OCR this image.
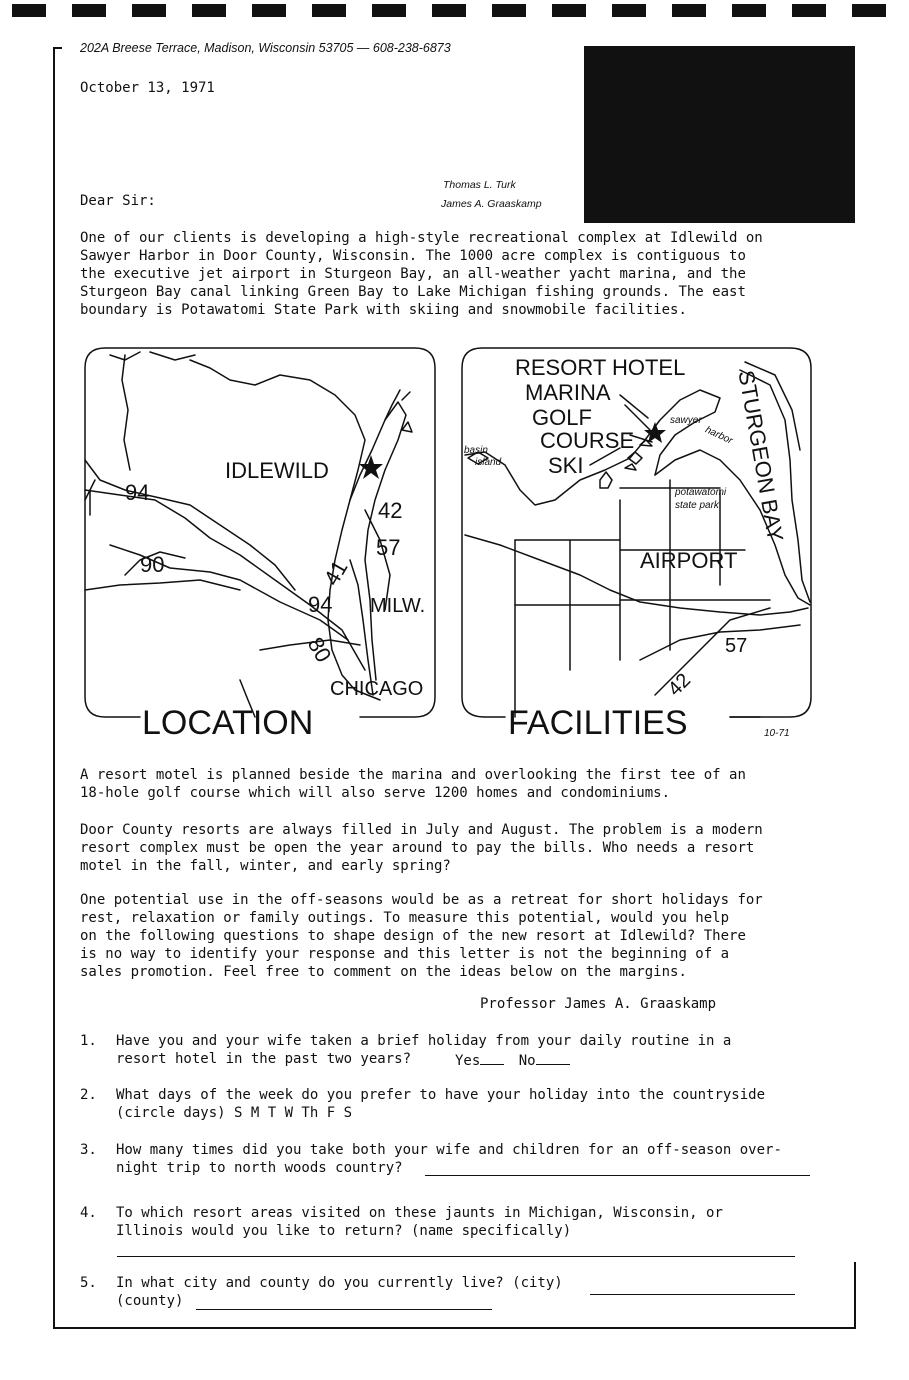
202A Breese Terrace, Madison, Wisconsin 53705 — 608-238-6873
October 13, 1971
Thomas L. Turk
James A. Graaskamp
Dear Sir:

One of our clients is developing a high-style recreational complex at Idlewild on
Sawyer Harbor in Door County, Wisconsin. The 1000 acre complex is contiguous to
the executive jet airport in Sturgeon Bay, an all-weather yacht marina, and the
Sturgeon Bay canal linking Green Bay to Lake Michigan fishing grounds. The east
boundary is Potawatomi State Park with skiing and snowmobile facilities.

IDLEWILD
94
90
94
42
57
41
80
MILW.
CHICAGO
LOCATION
RESORT HOTEL
MARINA
GOLF
COURSE
SKI
AIRPORT
STURGEON BAY
57
42
basin
island
sawyer
harbor
potawatomi
state park
FACILITIES	10-71

A resort motel is planned beside the marina and overlooking the first tee of an
18-hole golf course which will also serve 1200 homes and condominiums.

Door County resorts are always filled in July and August. The problem is a modern
resort complex must be open the year around to pay the bills. Who needs a resort
motel in the fall, winter, and early spring?

One potential use in the off-seasons would be as a retreat for short holidays for
rest, relaxation or family outings. To measure this potential, would you help
on the following questions to shape design of the new resort at Idlewild? There
is no way to identify your response and this letter is not the beginning of a
sales promotion. Feel free to comment on the ideas below on the margins.

Professor James A. Graaskamp
1. Have you and your wife taken a brief holiday from your daily routine in a
resort hotel in the past two years?	Yes	No
2. What days of the week do you prefer to have your holiday into the countryside
(circle days) S M T W Th F S
3. How many times did you take both your wife and children for an off-season over-
night trip to north woods country?
4. To which resort areas visited on these jaunts in Michigan, Wisconsin, or
Illinois would you like to return? (name specifically)
5. In what city and county do you currently live? (city)
(county)
